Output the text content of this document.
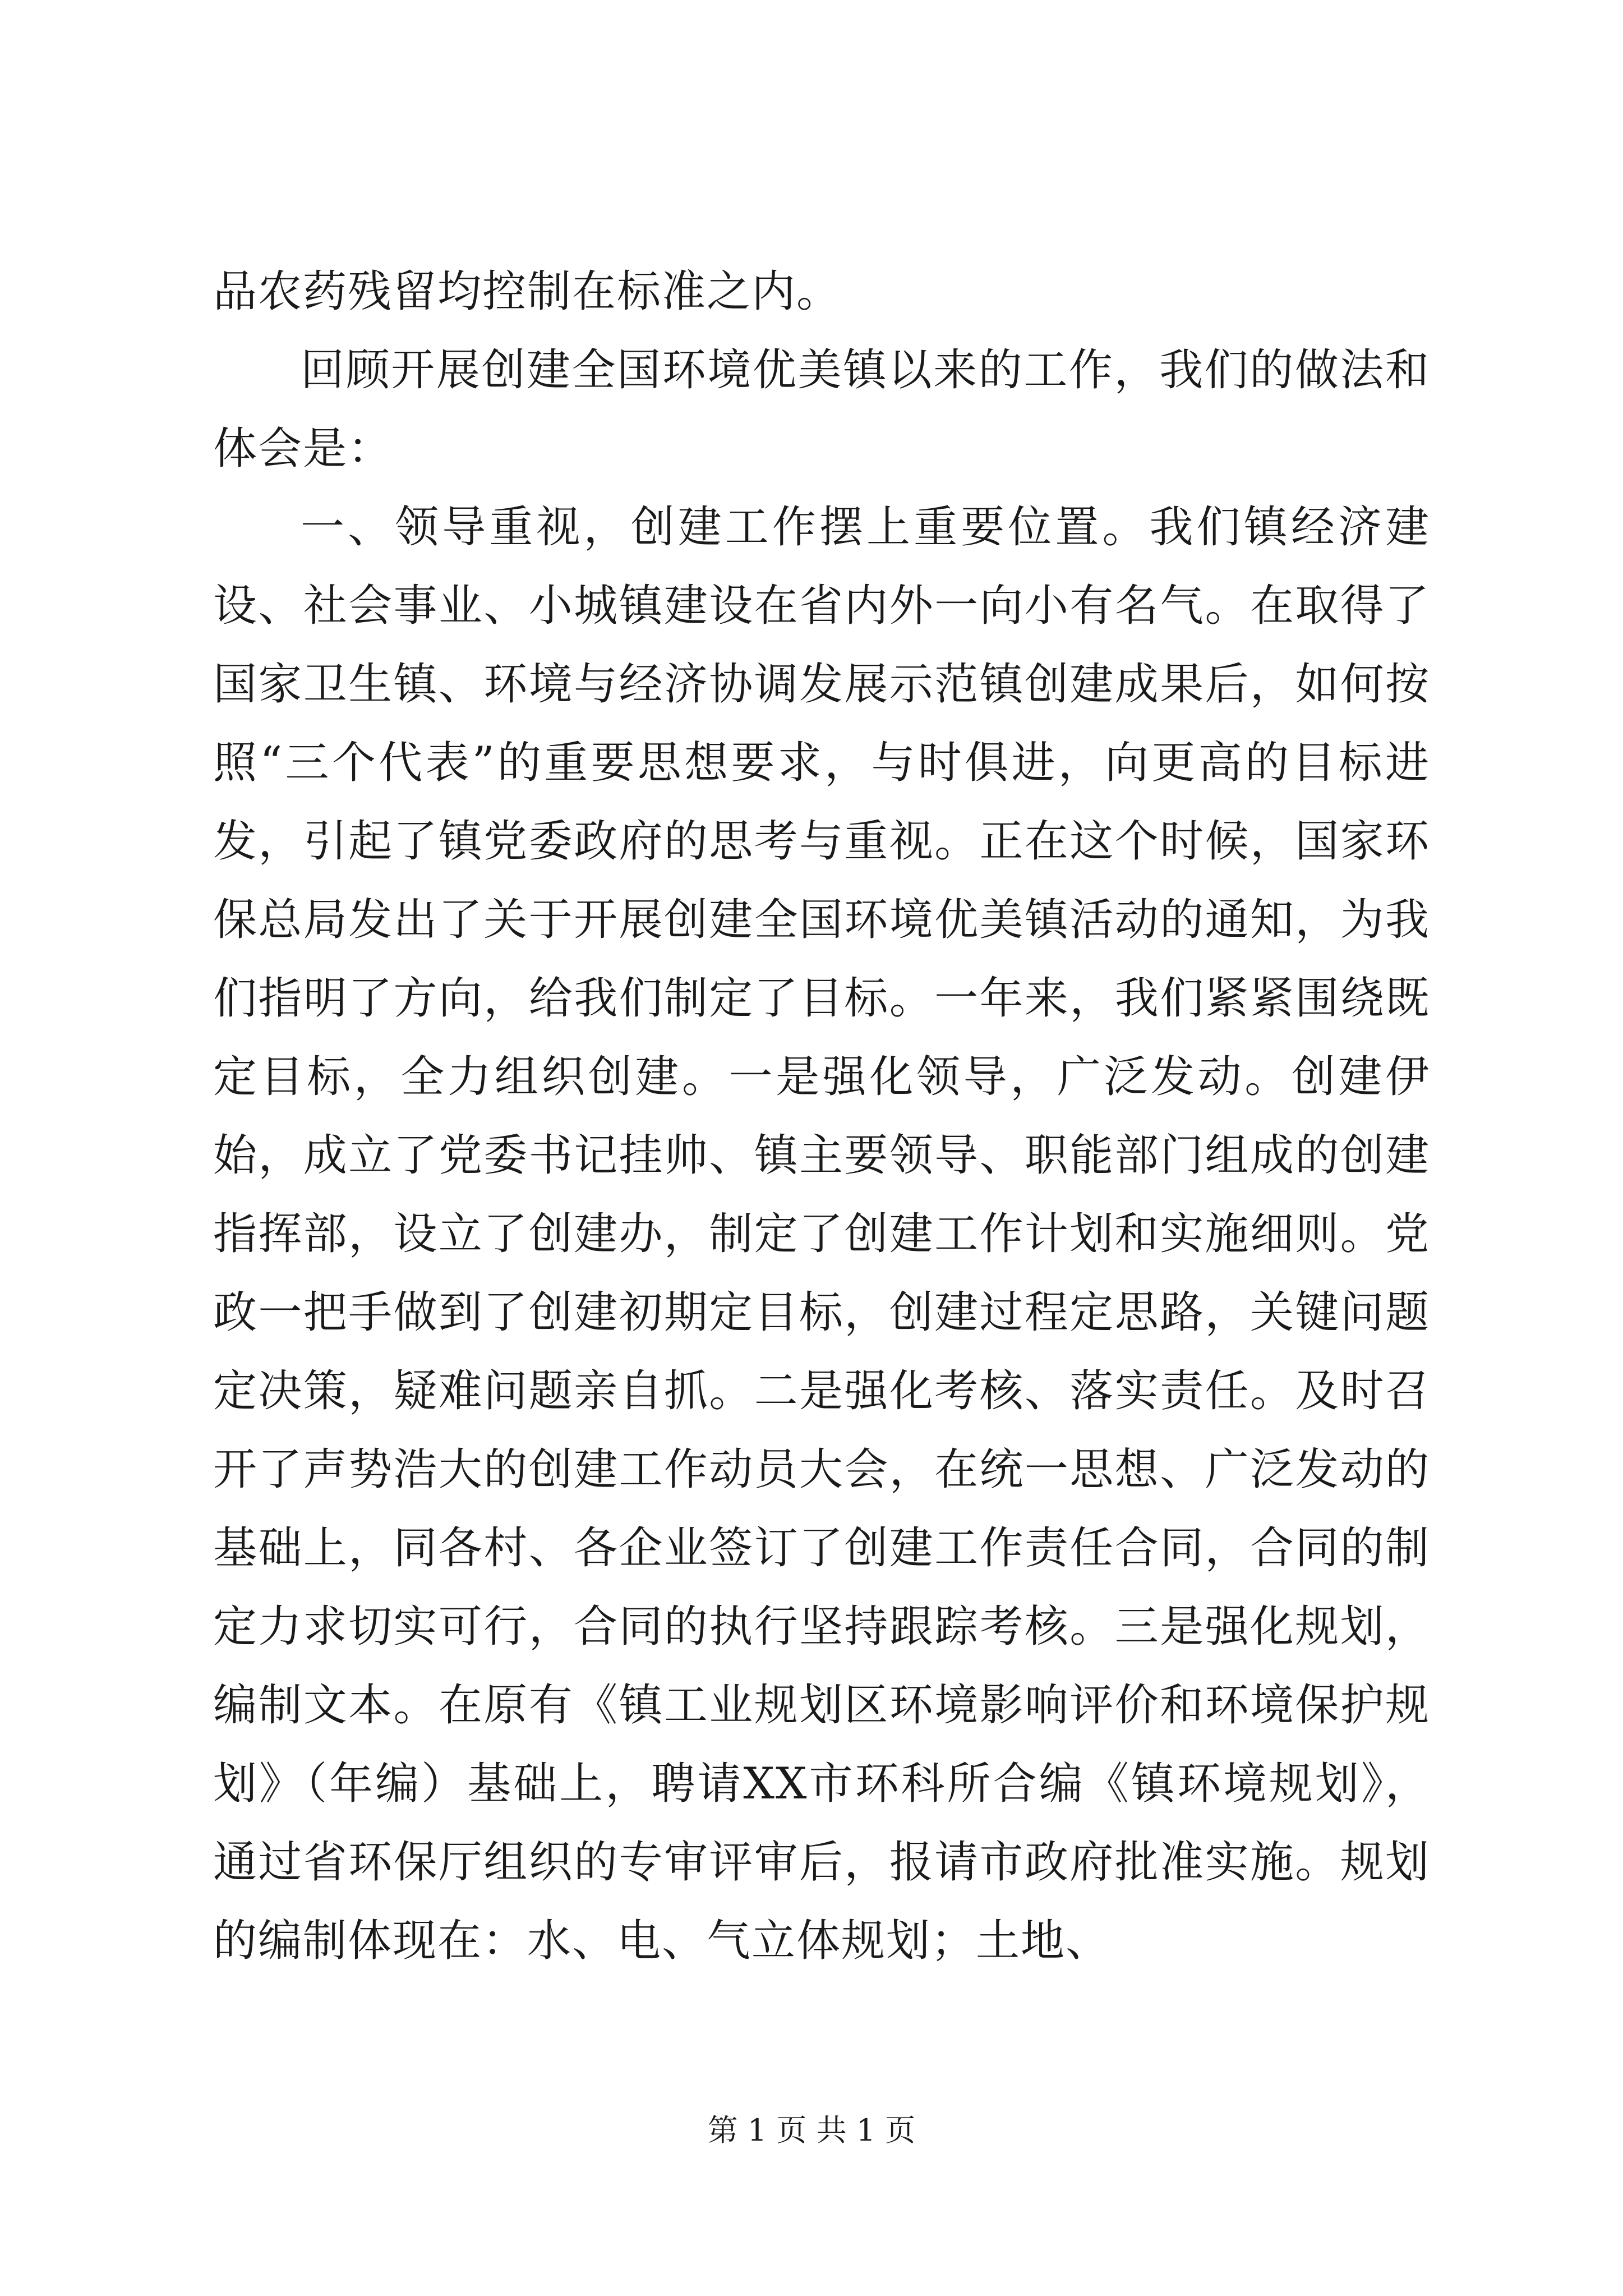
品农药残留均控制在标准之内。

回顾开展创建全国环境优美镇以来的工作，我们的做法和体会是：

一、领导重视，创建工作摆上重要位置。我们镇经济建设、社会事业、小城镇建设在省内外一向小有名气。在取得了国家卫生镇、环境与经济协调发展示范镇创建成果后，如何按照“三个代表”的重要思想要求，与时俱进，向更高的目标进发，引起了镇党委政府的思考与重视。正在这个时候，国家环保总局发出了关于开展创建全国环境优美镇活动的通知，为我们指明了方向，给我们制定了目标。一年来，我们紧紧围绕既定目标，全力组织创建。一是强化领导，广泛发动。创建伊始，成立了党委书记挂帅、镇主要领导、职能部门组成的创建指挥部，设立了创建办，制定了创建工作计划和实施细则。党政一把手做到了创建初期定目标，创建过程定思路，关键问题定决策，疑难问题亲自抓。二是强化考核、落实责任。及时召开了声势浩大的创建工作动员大会，在统一思想、广泛发动的基础上，同各村、各企业签订了创建工作责任合同，合同的制定力求切实可行，合同的执行坚持跟踪考核。三是强化规划，编制文本。在原有《镇工业规划区环境影响评价和环境保护规划》（年编）基础上，聘请XX市环科所合编《镇环境规划》，通过省环保厅组织的专审评审后，报请市政府批准实施。规划的编制体现在：水、电、气立体规划；土地、

第 1 页 共 1 页
